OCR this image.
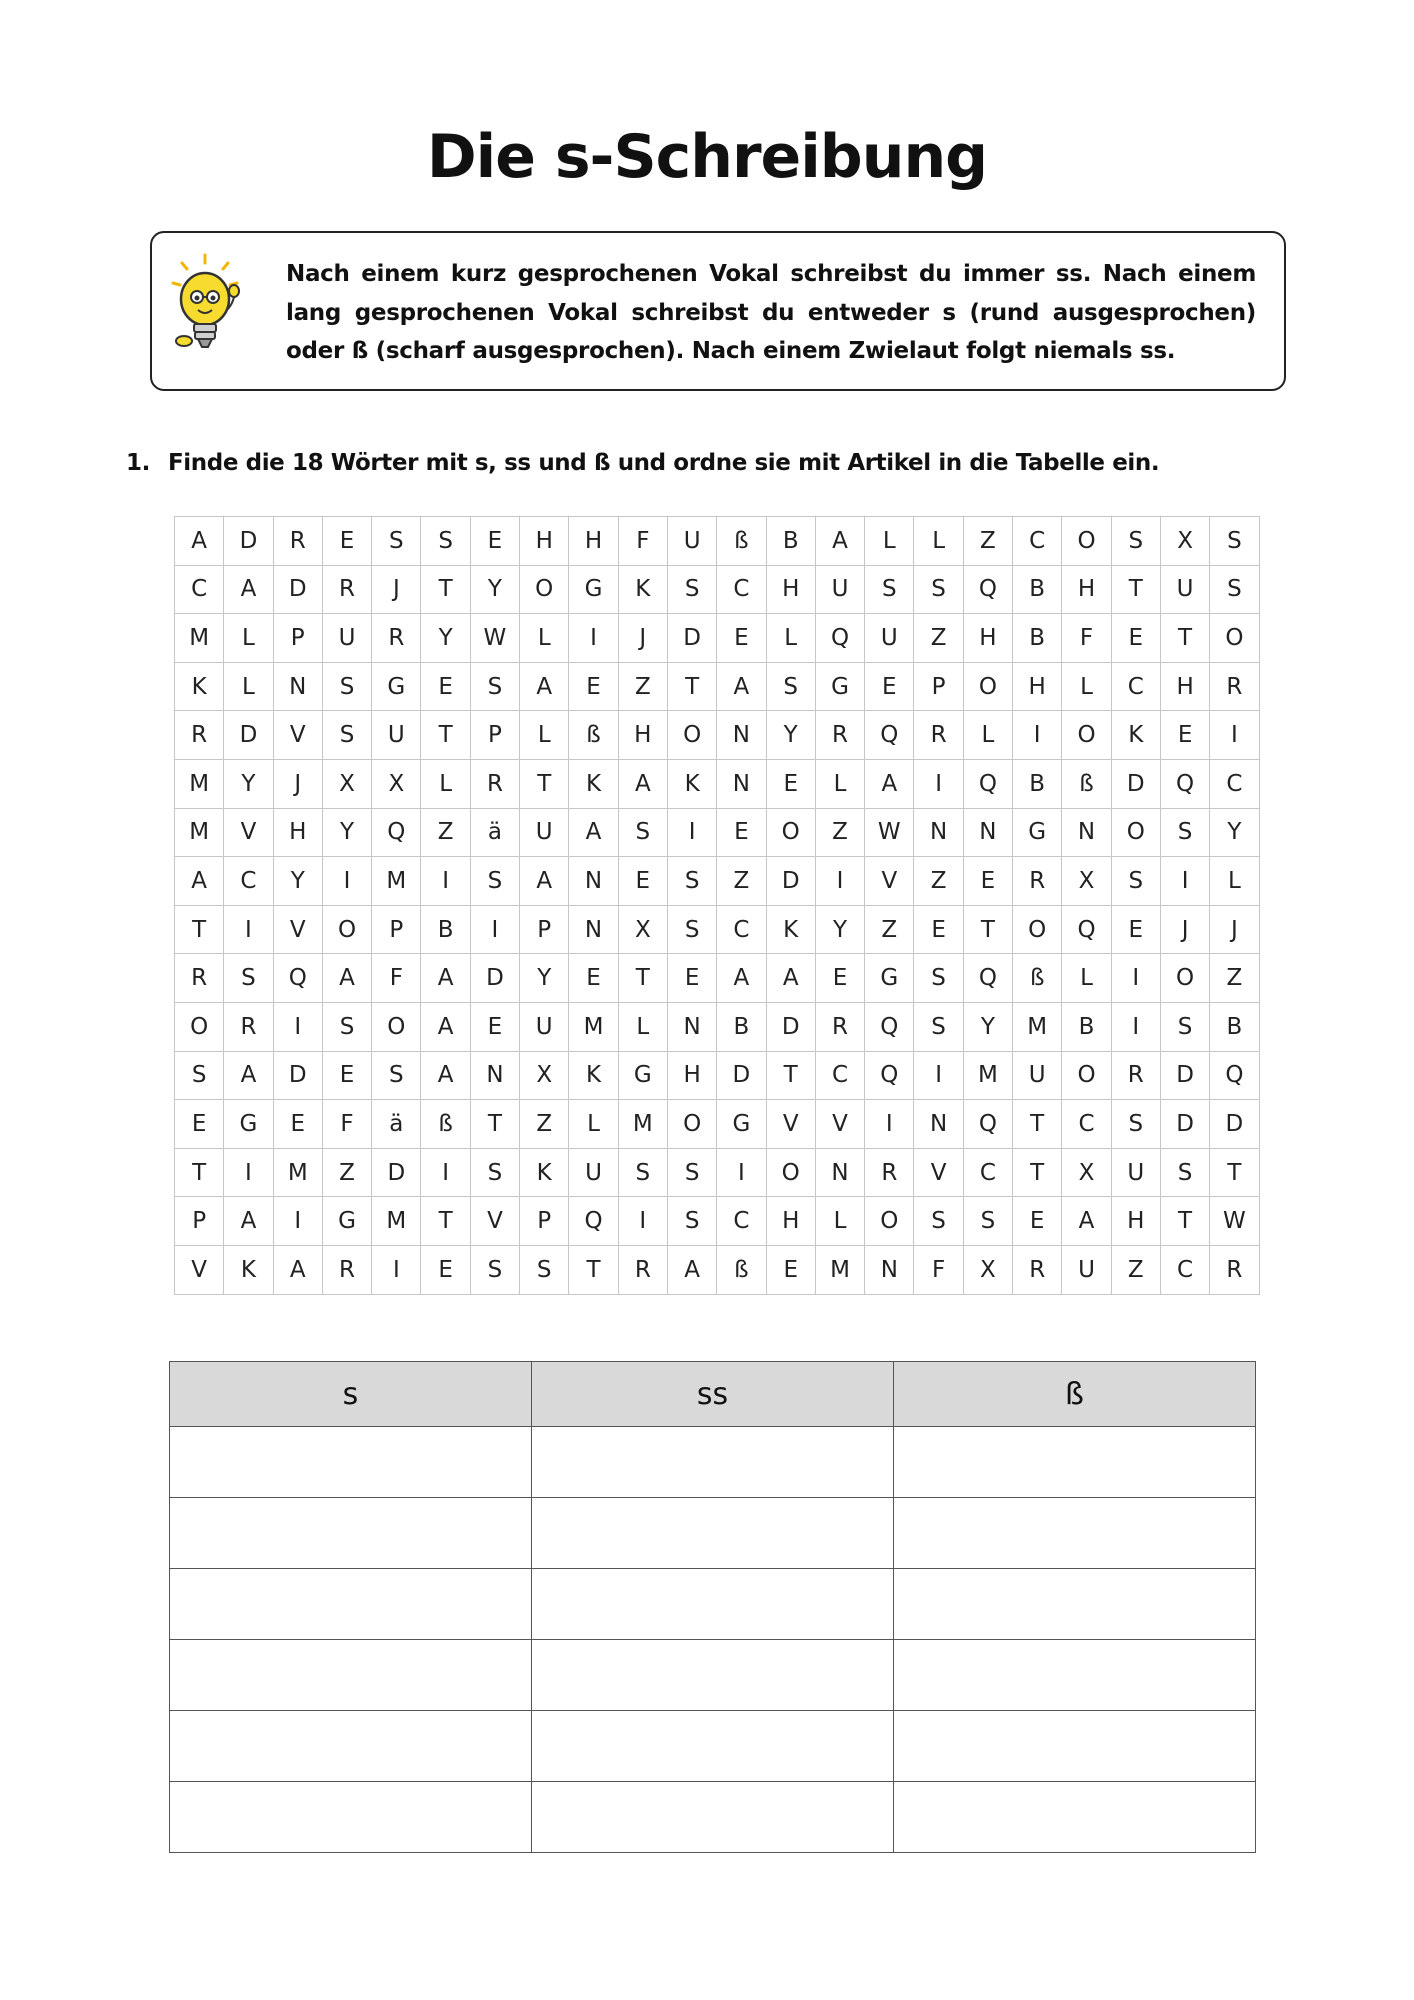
Die s-Schreibung
Nach einem kurz gesprochenen Vokal schreibst du immer ss. Nach einem lang gesprochenen Vokal schreibst du entweder s (rund ausgesprochen) oder ß (scharf ausgesprochen). Nach einem Zwielaut folgt niemals ss.
1. Finde die 18 Wörter mit s, ss und ß und ordne sie mit Artikel in die Tabelle ein.
A	D	R	E	S	S	E	H	H	F	U	ß	B	A	L	L	Z	C	O	S	X	S
C	A	D	R	J	T	Y	O	G	K	S	C	H	U	S	S	Q	B	H	T	U	S
M	L	P	U	R	Y	W	L	I	J	D	E	L	Q	U	Z	H	B	F	E	T	O
K	L	N	S	G	E	S	A	E	Z	T	A	S	G	E	P	O	H	L	C	H	R
R	D	V	S	U	T	P	L	ß	H	O	N	Y	R	Q	R	L	I	O	K	E	I
M	Y	J	X	X	L	R	T	K	A	K	N	E	L	A	I	Q	B	ß	D	Q	C
M	V	H	Y	Q	Z	ä	U	A	S	I	E	O	Z	W	N	N	G	N	O	S	Y
A	C	Y	I	M	I	S	A	N	E	S	Z	D	I	V	Z	E	R	X	S	I	L
T	I	V	O	P	B	I	P	N	X	S	C	K	Y	Z	E	T	O	Q	E	J	J
R	S	Q	A	F	A	D	Y	E	T	E	A	A	E	G	S	Q	ß	L	I	O	Z
O	R	I	S	O	A	E	U	M	L	N	B	D	R	Q	S	Y	M	B	I	S	B
S	A	D	E	S	A	N	X	K	G	H	D	T	C	Q	I	M	U	O	R	D	Q
E	G	E	F	ä	ß	T	Z	L	M	O	G	V	V	I	N	Q	T	C	S	D	D
T	I	M	Z	D	I	S	K	U	S	S	I	O	N	R	V	C	T	X	U	S	T
P	A	I	G	M	T	V	P	Q	I	S	C	H	L	O	S	S	E	A	H	T	W
V	K	A	R	I	E	S	S	T	R	A	ß	E	M	N	F	X	R	U	Z	C	R
s	ss	ß
